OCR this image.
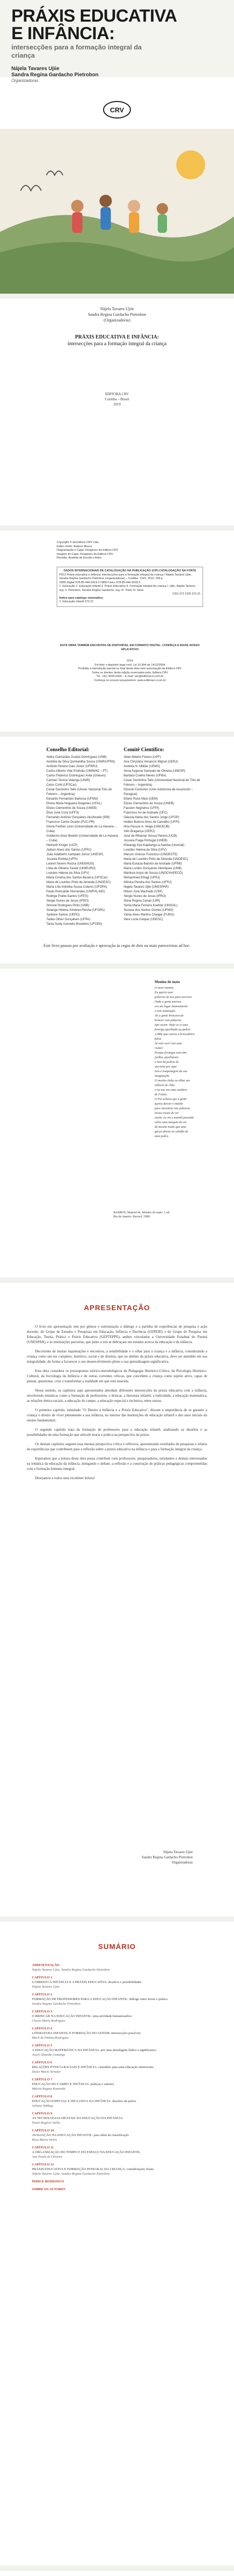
PRÁXIS EDUCATIVA
E INFÂNCIA:
intersecções para a formação integral da criança
Nájela Tavares Ujiie
Sandra Regina Gardacho Pietrobon
Organizadoras
CRV
Nájela Tavares Ujiie
Sandra Regina Gardacho Pietrobon
(Organizadoras)
PRÁXIS EDUCATIVA E INFÂNCIA:
intersecções para a formação integral da criança
EDITORA CRV
Curitiba – Brasil
2019
Copyright © da Editora CRV Ltda.
Editor-chefe: Railson Moura
Diagramação e Capa: Designers da Editora CRV
Imagem de Capa: Designers da Editora CRV
Revisão: Analista de Escrita e Artes
DADOS INTERNACIONAIS DE CATALOGAÇÃO NA PUBLICAÇÃO (CIP) CATALOGAÇÃO NA FONTE
P912 Práxis educativa e infância: intersecções para a formação integral da criança / Nájela Tavares Ujiie, Sandra Regina Gardacho Pietrobon (organizadoras) – Curitiba : CRV, 2019. 258 p.
ISBN Digital 978-85-444-3419-2 ISBN Físico 978-85-444-3418-5
1. Educação 2. Educação infantil 3. Práxis Educativa 4. Formação integral da criança I. Ujiie, Nájela Tavares. org. II. Pietrobon, Sandra Regina Gardacho. org. III. Título IV. Série
CDU 372 CDD 372.21
Índice para catálogo sistemático
1. Educação infantil 372.21
ESTA OBRA TAMBÉM ENCONTRA-SE DISPONÍVEL EM FORMATO DIGITAL. CONHEÇA E BAIXE NOSSO APLICATIVO!
2019
Foi feito o depósito legal conf. Lei 10.994 de 14/12/2004
Proibida a reprodução parcial ou total desta obra sem autorização da Editora CRV
Todos os direitos desta edição reservados pela: Editora CRV
Tel.: (41) 3039-6418 – E-mail: sac@editoracrv.com.br
Conheça os nossos lançamentos: www.editoracrv.com.br
Conselho Editorial:
Aldira Guimarães Duarte Domínguez (UNB)
Andréia da Silva Quintanilha Sousa (UNIR/UFRN)
Antônio Pereira Gaio Júnior (UFRRJ)
Carlos Alberto Vilar Estêvão (UMINHO – PT)
Carlos Federico Dominguez Avila (Unieuro)
Carmen Tereza Velanga (UNIR)
Celso Conti (UFSCar)
Cesar Gerónimo Tello (Univer. Nacional Três de Febrero – Argentina)
Eduardo Fernandes Barbosa (UFMG)
Elione Maria Nogueira Diogenes (UFAL)
Elizeu Clementino de Souza (UNEB)
Élsio José Corá (UFFS)
Fernando Antônio Gonçalves Alcoforado (IPB)
Francisco Carlos Duarte (PUC-PR)
Gloria Fariñas León (Universidade de La Havana – Cuba)
Guillermo Arias Beatón (Universidade de La Havana – Cuba)
Helmuth Krüger (UCP)
Jailson Alves dos Santos (UFRJ)
João Adalberto Campato Junior (UNESP)
Josania Portela (UFPI)
Leonel Severo Rocha (UNISINOS)
Lídia de Oliveira Xavier (UNIEURO)
Lourdes Helena da Silva (UFV)
Maria Cristina dos Santos Bezerra (UFSCar)
Maria de Lourdes Pinto de Almeida (UNOESC)
Maria Lília Imbiriba Sousa Colares (UFOPA)
Paulo Romualdo Hernandes (UNIFAL-MG)
Rodrigo Pratte-Santos (UFES)
Sérgio Nunes de Jesus (IFRO)
Simone Rodrigues Pinto (UNB)
Solange Helena Ximenes-Rocha (UFOPA)
Sydione Santos (UEPG)
Tadeu Oliver Gonçalves (UFPA)
Tania Suely Azevedo Brasileiro (UFOPA)
Comitê Científico:
Altair Alberto Fávero (UPF)
Ana Chrystina Venancio Mignot (UERJ)
Andréia N. Militão (UEMS)
Anna Augusta Sampaio de Oliveira (UNESP)
Barbara Coelho Neves (UFBA)
Cesar Gerónimo Tello (Universidad Nacional de Três de Febrero – Argentina)
Diosnel Centurion (Univ Autónoma de Assunción – Paraguai)
Eliane Rose Maio (UEM)
Elizeu Clementino de Souza (UNEB)
Fauston Negreiros (UFPI)
Francisco Ari de Andrade (UFC)
Gláucia Maria dos Santos Jorge (UFOP)
Helder Buenos Aires de Carvalho (UFPI)
Ilma Passos A. Veiga (UNICEUB)
Inês Bragança (UERJ)
José de Ribamar Sousa Pereira (UCB)
Jussara Fraga Portugal (UNEB)
Kilwangy Kya Kapitango-a-Samba (Unemat)
Lourdes Helena da Silva (UFV)
Marcos Vinicius Francisco (UNOESTE)
Maria de Lourdes Pinto de Almeida (UNOESC)
Maria Eurácia Barreto de Andrade (UFRB)
Maria Lurdes Gonçalves Henriques (UNB)
Mariluce Anjos de Souza (UNOCHAPECÓ)
Mohammed Elhajji (UFRJ)
Mônica Pereira dos Santos (UFRJ)
Najela Tavares Ujiie (UNESPAR)
Nilson José Machado (USP)
Sérgio Nunes de Jesus (IFRO)
Silvia Regina Canan (URI)
Sonia Maria Ferreira Koehler (UNISAL)
Suzana dos Santos Gomes (UFMG)
Vânia Alves Martins Chaigar (FURG)
Vera Lucia Gaspar (UDESC)
Este livro passou por avaliação e aprovação às cegas de dois ou mais pareceristas ad hoc.
Menino do mato
O meio menino
Eu queria usar
palavras de ave para escrever.
Onde a gente morava
era um lugar imensamente
e sem nomeação.
Ali a gente brincava de
brincar com palavras
tipo assim: Hoje eu vi uma
formiga ajoelhada na pedra!
A Mãe que ouvira a brincadeira
falou:
Já vem você com suas
visões!
Porque formigas nem têm
joelhos ajoelháveis
e nem há pedras de
sacristia por aqui.
Isso é traquinagem da sua
imaginação.
O menino tinha no olhar um
silêncio de chão
e na sua voz uma candura
de Fontes.
O Pai achava que a gente
queria desver o mundo
para encontrar nas palavras
novas coisas de ver
assim: eu via a manhã pousada
sobre uma margem do rio
do mesmo modo que uma
garça aberta na solidão de
uma pedra.
BARROS, Manoel de. Menino do mato. 1.ed.
Rio de Janeiro: Record, 1998.
APRESENTAÇÃO
O livro em apresentação tem por gênese e estruturação o diálogo e a partilha de experiências de pesquisa e ação docente, do Grupo de Estudos e Pesquisas em Educação, Infância e Docência (GEPEID) e do Grupo de Pesquisa em Educação, Teoria, Prática e Práxis Educativa (GEPTEPPE), ambos vinculados a Universidade Estadual do Paraná (UNESPAR), e às instituições parceiras, que junto a nós se debruçam em estudos acerca da educação e da infância.
Decorrente de muitas inquietações e encontros, a sensibilidade e o olhar para a criança e a infância, considerando a criança como um ser completo, histórico, social e de direitos, que no âmbito da práxis educativa, deve ser atendido em sua integralidade, de forma a favorecer o seu desenvolvimento pleno e sua aprendizagem significativa.
Esta obra considera os pressupostos teórico-metodológicos da Pedagogia Histórico-Crítica, da Psicologia Histórico-Cultural, da Sociologia da Infância e de outras correntes críticas, que concebem a criança como sujeito ativo, capaz de pensar, questionar, criar e transformar a realidade em que está inserida.
Nesse sentido, os capítulos aqui apresentados abordam diferentes intersecções da práxis educativa com a infância, envolvendo temáticas como a formação de professores, o brincar, a literatura infantil, a ludicidade, a educação matemática, as relações étnico-raciais, a educação do campo, a educação especial e inclusiva, entre outras.
O primeiro capítulo, intitulado "O Direito à Infância e a Práxis Educativa", discute a importância de se garantir à criança o direito de viver plenamente a sua infância, no interior das instituições de educação infantil e dos anos iniciais do ensino fundamental.
O segundo capítulo trata da formação de professores para a educação infantil, analisando os desafios e as possibilidades de uma formação que articule teoria e prática na perspectiva da práxis.
Os demais capítulos seguem essa mesma perspectiva crítica e reflexiva, apresentando resultados de pesquisas e relatos de experiências que contribuem para a reflexão sobre a práxis educativa na infância e para a formação integral da criança.
Esperamos que a leitura desta obra possa contribuir com professores, pesquisadores, estudantes e demais interessados na temática da educação da infância, instigando o debate, a reflexão e a construção de práticas pedagógicas comprometidas com a formação humana integral.
Desejamos a todos uma excelente leitura!
Nájela Tavares Ujiie
Sandra Regina Gardacho Pietrobon
Organizadoras
SUMÁRIO
APRESENTAÇÃO
Nájela Tavares Ujiie, Sandra Regina Gardacho Pietrobon
CAPÍTULO 1
O DIREITO À INFÂNCIA E A PRÁXIS EDUCATIVA: desafios e possibilidades
Nájela Tavares Ujiie
CAPÍTULO 2
FORMAÇÃO DE PROFESSORES PARA A EDUCAÇÃO INFANTIL: diálogo entre teoria e prática
Sandra Regina Gardacho Pietrobon
CAPÍTULO 3
O BRINCAR NA EDUCAÇÃO INFANTIL: uma atividade humanizadora
Cleusa Maria Rodrigues
CAPÍTULO 4
LITERATURA INFANTIL E FORMAÇÃO DO LEITOR: intersecções possíveis
Marli de Fátima Rodrigues
CAPÍTULO 5
A EDUCAÇÃO MATEMÁTICA NA INFÂNCIA: por uma abordagem lúdica e significativa
Joseli Almeida Camargo
CAPÍTULO 6
RELAÇÕES ÉTNICO-RACIAIS E INFÂNCIA: caminhos para uma educação antirracista
Dulce Maria Strieder
CAPÍTULO 7
EDUCAÇÃO DO CAMPO E INFÂNCIA: práticas e saberes
Márcia Regina Kaminski
CAPÍTULO 8
EDUCAÇÃO ESPECIAL E INCLUSIVA NA INFÂNCIA: desafios da práxis
Juliana Sabbag
CAPÍTULO 9
AS TECNOLOGIAS DIGITAIS NA EDUCAÇÃO DA INFÂNCIA
Paulo Rogério Stella
CAPÍTULO 10
AVALIAÇÃO NA EDUCAÇÃO INFANTIL: para além da classificação
Rosa Maria Vieira
CAPÍTULO 11
A ORGANIZAÇÃO DO TEMPO E DO ESPAÇO NA EDUCAÇÃO INFANTIL
Ana Paula de Oliveira
CAPÍTULO 12
PRÁXIS EDUCATIVA E FORMAÇÃO INTEGRAL DA CRIANÇA: considerações finais
Nájela Tavares Ujiie, Sandra Regina Gardacho Pietrobon
ÍNDICE REMISSIVO
SOBRE OS AUTORES
